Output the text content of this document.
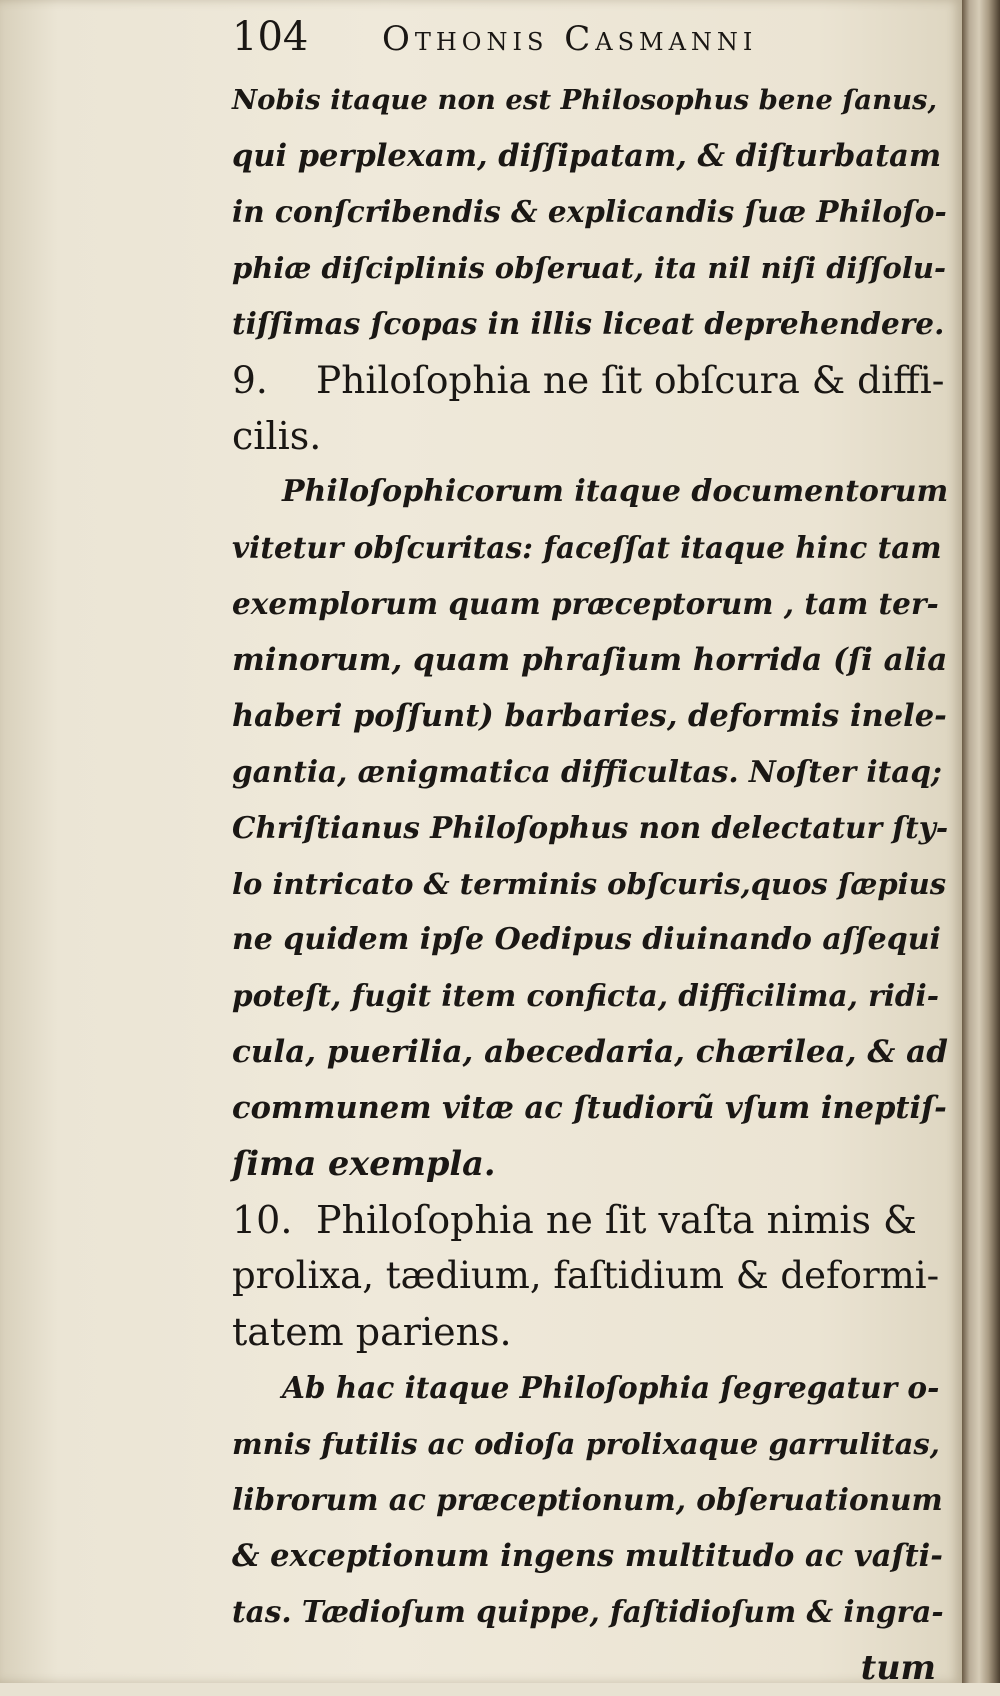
104	Othonis Casmanni
Nobis itaque non est Philosophus bene ſanus,
qui perplexam, diſſipatam, & diſturbatam
in conſcribendis & explicandis ſuæ Philoſo-
phiæ diſciplinis obſeruat, ita nil niſi diſſolu-
tiſſimas ſcopas in illis liceat deprehendere.
9. Philoſophia ne ſit obſcura & diffi-
cilis.
Philoſophicorum itaque documentorum
vitetur obſcuritas: faceſſat itaque hinc tam
exemplorum quam præceptorum , tam ter-
minorum, quam phraſium horrida (ſi alia
haberi poſſunt) barbaries, deformis inele-
gantia, ænigmatica difficultas. Noſter itaq;
Chriſtianus Philoſophus non delectatur ſty-
lo intricato & terminis obſcuris,quos ſæpius
ne quidem ipſe Oedipus diuinando aſſequi
poteſt, fugit item conficta, difficilima, ridi-
cula, puerilia, abecedaria, chærilea, & ad
communem vitæ ac ſtudiorũ vſum ineptiſ-
ſima exempla.
10. Philoſophia ne ſit vaſta nimis &
prolixa, tædium, faſtidium & deformi-
tatem pariens.
Ab hac itaque Philoſophia ſegregatur o-
mnis futilis ac odioſa prolixaque garrulitas,
librorum ac præceptionum, obſeruationum
& exceptionum ingens multitudo ac vaſti-
tas. Tædioſum quippe, faſtidioſum & ingra-
tum
